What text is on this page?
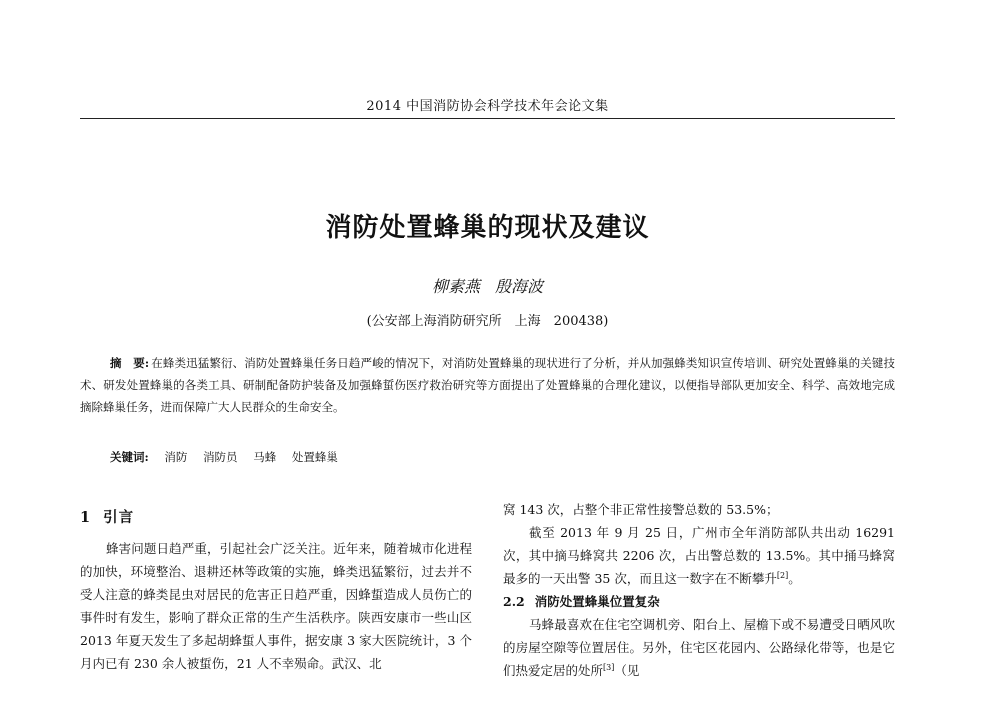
2014 中国消防协会科学技术年会论文集
消防处置蜂巢的现状及建议
柳素燕 殷海波
(公安部上海消防研究所　上海　200438)
摘　要: 在蜂类迅猛繁衍、消防处置蜂巢任务日趋严峻的情况下，对消防处置蜂巢的现状进行了分析，并从加强蜂类知识宣传培训、研究处置蜂巢的关键技术、研发处置蜂巢的各类工具、研制配备防护装备及加强蜂蜇伤医疗救治研究等方面提出了处置蜂巢的合理化建议，以便指导部队更加安全、科学、高效地完成摘除蜂巢任务，进而保障广大人民群众的生命安全。
关键词: 消防 消防员 马蜂 处置蜂巢
1 引言

蜂害问题日趋严重，引起社会广泛关注。近年来，随着城市化进程的加快，环境整治、退耕还林等政策的实施，蜂类迅猛繁衍，过去并不受人注意的蜂类昆虫对居民的危害正日趋严重，因蜂蜇造成人员伤亡的事件时有发生，影响了群众正常的生产生活秩序。陕西安康市一些山区 2013 年夏天发生了多起胡蜂蜇人事件，据安康 3 家大医院统计，3 个月内已有 230 余人被蜇伤，21 人不幸殒命。武汉、北

窝 143 次，占整个非正常性接警总数的 53.5%；

截至 2013 年 9 月 25 日，广州市全年消防部队共出动 16291 次，其中摘马蜂窝共 2206 次，占出警总数的 13.5%。其中捅马蜂窝最多的一天出警 35 次，而且这一数字在不断攀升[2]。

2.2 消防处置蜂巢位置复杂

马蜂最喜欢在住宅空调机旁、阳台上、屋檐下或不易遭受日晒风吹的房屋空隙等位置居住。另外，住宅区花园内、公路绿化带等，也是它们热爱定居的处所[3]（见
